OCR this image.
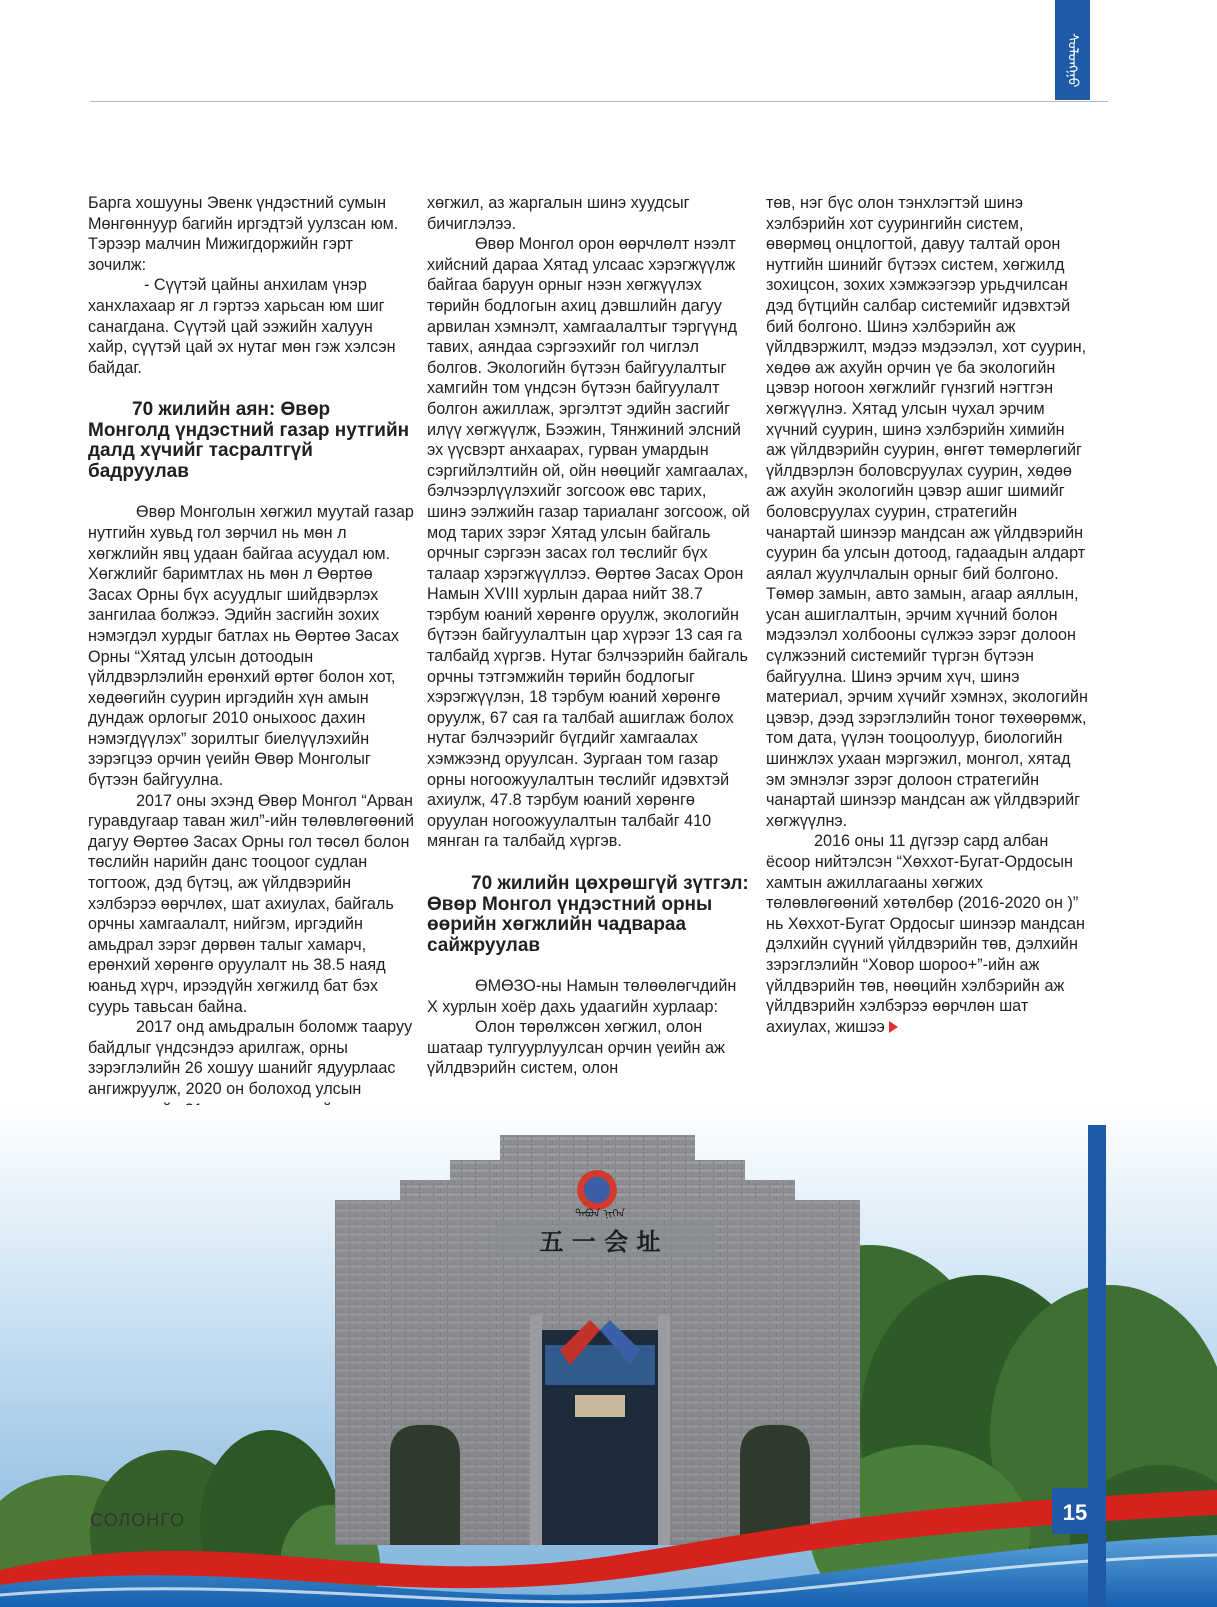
ᠰᠣᠯᠣᠩᠭᠤ

Барга хошууны Эвенк үндэстний сумын Мөнгөннуур багийн иргэдтэй уулзсан юм. Тэрээр малчин Мижигдоржийн гэрт зочилж:

- Сүүтэй цайны анхилам үнэр ханхлахаар яг л гэртээ харьсан юм шиг санагдана. Сүүтэй цай ээжийн халуун хайр, сүүтэй цай эх нутаг мөн гэж хэлсэн байдаг.

70 жилийн аян: Өвөр Монголд үндэстний газар нутгийн далд хүчийг тасралтгүй бадруулав

Өвөр Монголын хөгжил муутай газар нутгийн хувьд гол зөрчил нь мөн л хөгжлийн явц удаан байгаа асуудал юм. Хөгжлийг баримтлах нь мөн л Өөртөө Засах Орны бүх асуудлыг шийдвэрлэх зангилаа болжээ. Эдийн засгийн зохих нэмэгдэл хурдыг батлах нь Өөртөө Засах Орны “Хятад улсын дотоодын үйлдвэрлэлийн ерөнхий өртөг болон хот, хөдөөгийн суурин иргэдийн хүн амын дундаж орлогыг 2010 оныхоос дахин нэмэгдүүлэх” зорилтыг биелүүлэхийн зэрэгцээ орчин үеийн Өвөр Монголыг бүтээн байгуулна.

2017 оны эхэнд Өвөр Монгол “Арван гуравдугаар таван жил”-ийн төлөвлөгөөний дагуу Өөртөө Засах Орны гол төсөл болон төслийн нарийн данс тооцоог судлан тогтоож, дэд бүтэц, аж үйлдвэрийн хэлбэрээ өөрчлөх, шат ахиулах, байгаль орчны хамгаалалт, нийгэм, иргэдийн амьдрал зэрэг дөрвөн талыг хамарч, ерөнхий хөрөнгө оруулалт нь 38.5 наяд юаньд хүрч, ирээдүйн хөгжилд бат бэх суурь тавьсан байна.

2017 онд амьдралын боломж тааруу байдлыг үндсэндээ арилгаж, орны зэрэглэлийн 26 хошуу шанийг ядуурлаас ангижруулж, 2020 он болоход улсын

хөгжил, аз жаргалын шинэ хуудсыг бичиглэлээ.

Өвөр Монгол орон өөрчлөлт нээлт хийсний дараа Хятад улсаас хэрэгжүүлж байгаа баруун орныг нээн хөгжүүлэх төрийн бодлогын ахиц дэвшлийн дагуу арвилан хэмнэлт, хамгаалалтыг тэргүүнд тавих, аяндаа сэргээхийг гол чиглэл болгов. Экологийн бүтээн байгуулалтыг хамгийн том үндсэн бүтээн байгуулалт болгон ажиллаж, эргэлтэт эдийн засгийг илүү хөгжүүлж, Бээжин, Тянжиний элсний эх үүсвэрт анхаарах, гурван умардын сэргийлэлтийн ой, ойн нөөцийг хамгаалах, бэлчээрлүүлэхийг зогсоож өвс тарих, шинэ ээлжийн газар тариаланг зогсоож, ой мод тарих зэрэг Хятад улсын байгаль орчныг сэргээн засах гол төслийг бүх талаар хэрэгжүүллээ. Өөртөө Засах Орон Намын XVIII хурлын дараа нийт 38.7 тэрбум юаний хөрөнгө оруулж, экологийн бүтээн байгуулалтын цар хүрээг 13 сая га талбайд хүргэв. Нутаг бэлчээрийн байгаль орчны тэтгэмжийн төрийн бодлогыг хэрэгжүүлэн, 18 тэрбум юаний хөрөнгө оруулж, 67 сая га талбай ашиглаж болох нутаг бэлчээрийг бүгдийг хамгаалах хэмжээнд оруулсан. Зургаан том газар орны ногоожуулалтын төслийг идэвхтэй ахиулж, 47.8 тэрбум юаний хөрөнгө оруулан ногоожуулалтын талбайг 410 мянган га талбайд хүргэв.

70 жилийн цөхрөшгүй зүтгэл: Өвөр Монгол үндэстний орны өөрийн хөгжлийн чадвараа сайжруулав

ӨМӨЗО-ны Намын төлөөлөгчдийн Х хурлын хоёр дахь удаагийн хурлаар:

Олон төрөлжсөн хөгжил, олон шатаар тулгуурлуулсан орчин үеийн аж үйлдвэрийн систем, олон

төв, нэг бүс олон тэнхлэгтэй шинэ хэлбэрийн хот суурингийн систем, өвөрмөц онцлогтой, давуу талтай орон нутгийн шинийг бүтээх систем, хөгжилд зохицсон, зохих хэмжээгээр урьдчилсан дэд бүтцийн салбар системийг идэвхтэй бий болгоно. Шинэ хэлбэрийн аж үйлдвэржилт, мэдээ мэдээлэл, хот суурин, хөдөө аж ахуйн орчин үе ба экологийн цэвэр ногоон хөгжлийг гүнзгий нэгтгэн хөгжүүлнэ. Хятад улсын чухал эрчим хүчний суурин, шинэ хэлбэрийн химийн аж үйлдвэрийн суурин, өнгөт төмөрлөгийг үйлдвэрлэн боловсруулах суурин, хөдөө аж ахуйн экологийн цэвэр ашиг шимийг боловсруулах суурин, стратегийн чанартай шинээр мандсан аж үйлдвэрийн суурин ба улсын дотоод, гадаадын алдарт аялал жуулчлалын орныг бий болгоно. Төмөр замын, авто замын, агаар аяллын, усан ашиглалтын, эрчим хүчний болон мэдээлэл холбооны сүлжээ зэрэг долоон сүлжээний системийг түргэн бүтээн байгуулна. Шинэ эрчим хүч, шинэ материал, эрчим хүчийг хэмнэх, экологийн цэвэр, дээд зэрэглэлийн тоног төхөөрөмж, том дата, үүлэн тооцоолуур, биологийн шинжлэх ухаан мэргэжил, монгол, хятад эм эмнэлэг зэрэг долоон стратегийн чанартай шинээр мандсан аж үйлдвэрийг хөгжүүлнэ.

2016 оны 11 дүгээр сард албан ёсоор нийтэлсэн “Хөххот-Бугат-Ордосын хамтын ажиллагааны хөгжих төлөвлөгөөний хөтөлбөр (2016-2020 он )” нь Хөххот-Бугат Ордосыг шинээр мандсан дэлхийн сүүний үйлдвэрийн төв, дэлхийн зэрэглэлийн “Ховор шороо+”-ийн аж үйлдвэрийн төв, нөөцийн хэлбэрийн аж үйлдвэрийн хэлбэрээ өөрчлөн шат ахиулах, жишээ

五 一 会 址
ᠲᠠᠪᠤᠨ ᠨᠢᠭᠡᠨ
15
СОЛОНГО
